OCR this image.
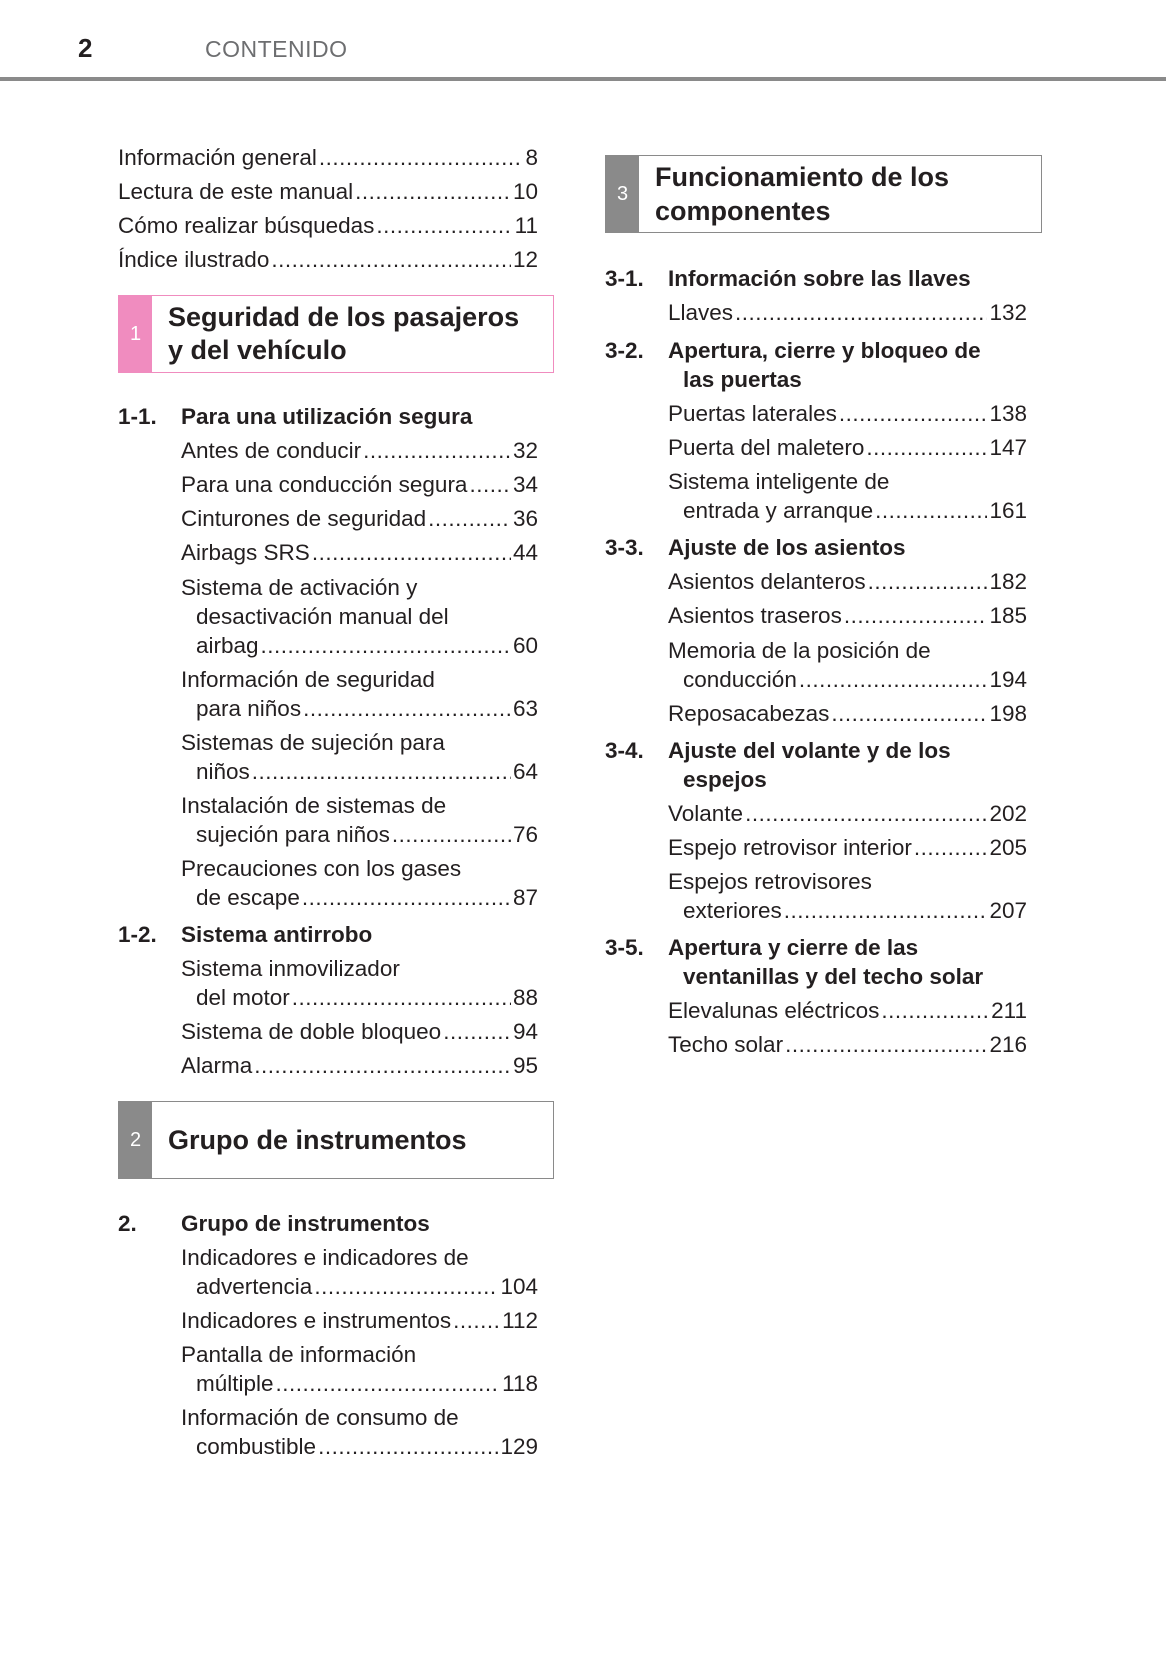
2	CONTENIDO
Información general .....	8
Lectura de este manual .....	10
Cómo realizar búsquedas .....	11
Índice ilustrado .....	12
1
Seguridad de los pasajeros
y del vehículo
1-1. Para una utilización segura
Antes de conducir .....	32
Para una conducción segura ..... 34
Cinturones de seguridad .....	36
Airbags SRS .....	44
Sistema de activación y
desactivación manual del
airbag .....	60
Información de seguridad
para niños .....	63
Sistemas de sujeción para
niños .....	64
Instalación de sistemas de
sujeción para niños .....	76
Precauciones con los gases
de escape .....	87
1-2. Sistema antirrobo
Sistema inmovilizador
del motor .....	88
Sistema de doble bloqueo .....	94
Alarma .....	95
2 Grupo de instrumentos
2. Grupo de instrumentos
Indicadores e indicadores de
advertencia .....	104
Indicadores e instrumentos ..... 112
Pantalla de información
múltiple .....	118
Información de consumo de
combustible .....	129
3
Funcionamiento de los
componentes
3-1. Información sobre las llaves
Llaves .....	132
3-2. Apertura, cierre y bloqueo de
las puertas
Puertas laterales .....	138
Puerta del maletero .....	147
Sistema inteligente de
entrada y arranque .....	161
3-3. Ajuste de los asientos
Asientos delanteros .....	182
Asientos traseros .....	185
Memoria de la posición de
conducción .....	194
Reposacabezas .....	198
3-4. Ajuste del volante y de los
espejos
Volante .....	202
Espejo retrovisor interior .....	205
Espejos retrovisores
exteriores .....	207
3-5. Apertura y cierre de las
ventanillas y del techo solar
Elevalunas eléctricos .....	211
Techo solar .....	216
